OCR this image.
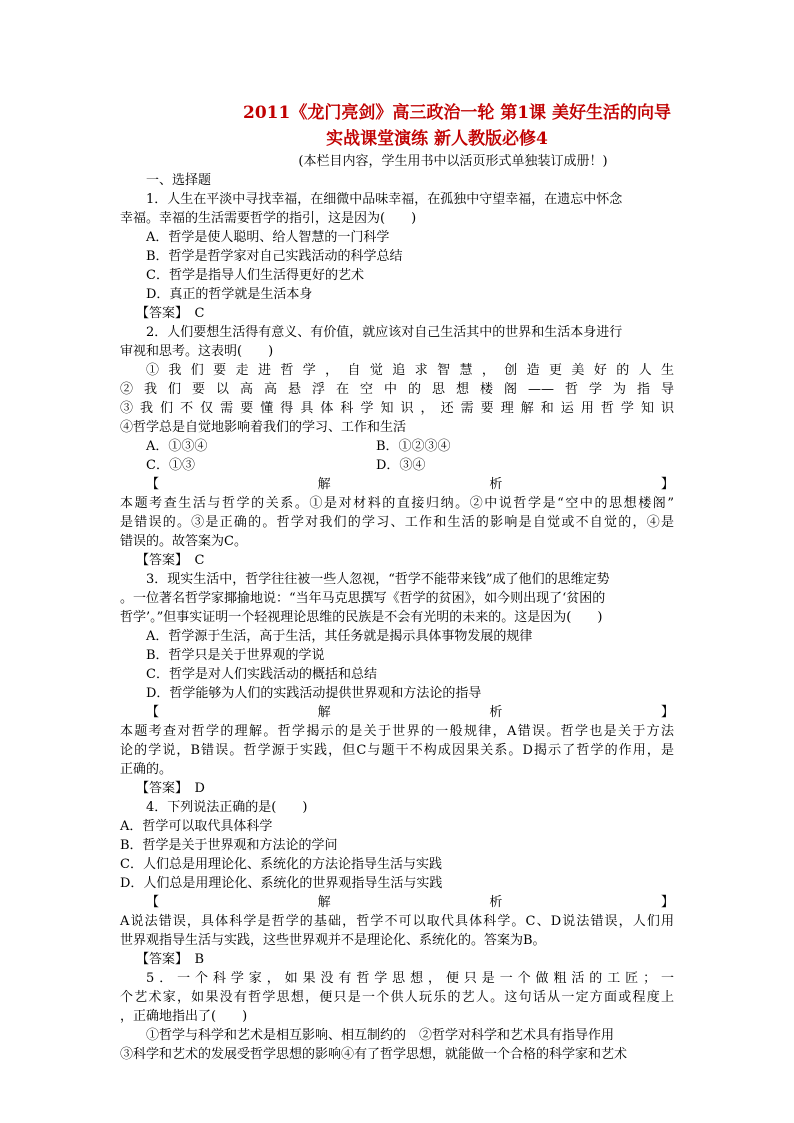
2011《龙门亮剑》高三政治一轮 第1课 美好生活的向导
实战课堂演练 新人教版必修4
(本栏目内容，学生用书中以活页形式单独装订成册！)

一、选择题

1．人生在平淡中寻找幸福，在细微中品味幸福，在孤独中守望幸福，在遗忘中怀念

幸福。幸福的生活需要哲学的指引，这是因为(　　)

A．哲学是使人聪明、给人智慧的一门科学

B．哲学是哲学家对自己实践活动的科学总结

C．哲学是指导人们生活得更好的艺术

D．真正的哲学就是生活本身

【答案】　 C

2．人们要想生活得有意义、有价值，就应该对自己生活其中的世界和生活本身进行

审视和思考。这表明(　　)

①我们要走进哲学，自觉追求智慧，创造更美好的人生

②我们要以高高悬浮在空中的思想楼阁——哲学为指导

③我们不仅需要懂得具体科学知识，还需要理解和运用哲学知识

④哲学总是自觉地影响着我们的学习、工作和生活

A．①③④	B．①②③④
C．①③	D．③④
【	解	析	】

本题考查生活与哲学的关系。①是对材料的直接归纳。②中说哲学是“空中的思想楼阁”

是错误的。③是正确的。哲学对我们的学习、工作和生活的影响是自觉或不自觉的，④是

错误的。故答案为C。

【答案】　 C

3．现实生活中，哲学往往被一些人忽视，“哲学不能带来钱”成了他们的思维定势

。一位著名哲学家揶揄地说：“当年马克思撰写《哲学的贫困》，如今则出现了‘贫困的

哲学’。”但事实证明一个轻视理论思维的民族是不会有光明的未来的。这是因为(　　)

A．哲学源于生活，高于生活，其任务就是揭示具体事物发展的规律

B．哲学只是关于世界观的学说

C．哲学是对人们实践活动的概括和总结

D．哲学能够为人们的实践活动提供世界观和方法论的指导

【	解	析	】

本题考查对哲学的理解。哲学揭示的是关于世界的一般规律，A错误。哲学也是关于方法

论的学说，B错误。哲学源于实践，但C与题干不构成因果关系。D揭示了哲学的作用，是

正确的。

【答案】　 D

4．下列说法正确的是(　　)

A．哲学可以取代具体科学

B．哲学是关于世界观和方法论的学问

C．人们总是用理论化、系统化的方法论指导生活与实践

D．人们总是用理论化、系统化的世界观指导生活与实践

【	解	析	】

A说法错误，具体科学是哲学的基础，哲学不可以取代具体科学。C、D说法错误，人们用

世界观指导生活与实践，这些世界观并不是理论化、系统化的。答案为B。

【答案】　 B

5．一个科学家，如果没有哲学思想，便只是一个做粗活的工匠；一

个艺术家，如果没有哲学思想，便只是一个供人玩乐的艺人。这句话从一定方面或程度上

，正确地指出了(　　)

①哲学与科学和艺术是相互影响、相互制约的　②哲学对科学和艺术具有指导作用

③科学和艺术的发展受哲学思想的影响④有了哲学思想，就能做一个合格的科学家和艺术
